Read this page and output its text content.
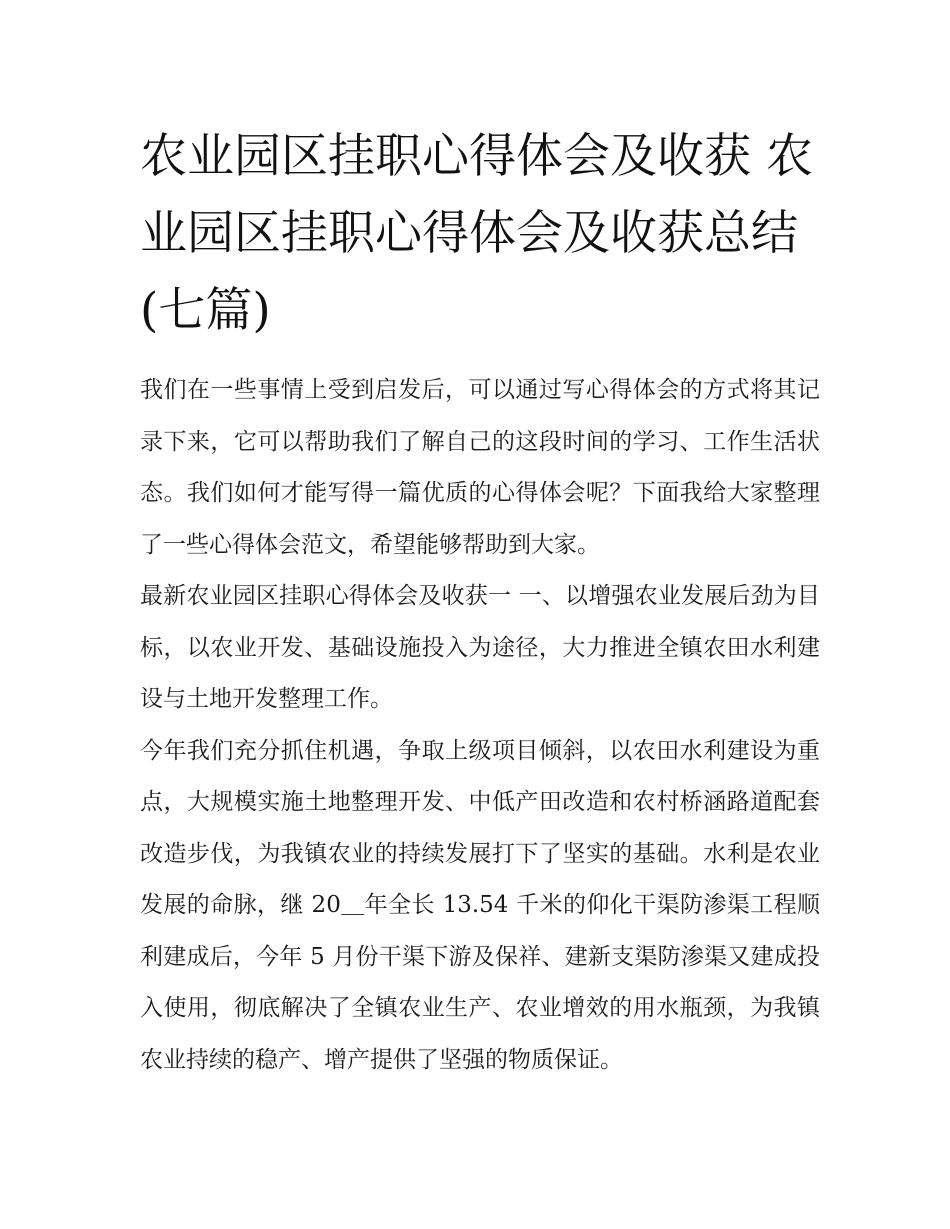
农业园区挂职心得体会及收获 农业园区挂职心得体会及收获总结(七篇)

我们在一些事情上受到启发后，可以通过写心得体会的方式将其记录下来，它可以帮助我们了解自己的这段时间的学习、工作生活状态。我们如何才能写得一篇优质的心得体会呢？下面我给大家整理了一些心得体会范文，希望能够帮助到大家。

最新农业园区挂职心得体会及收获一 一、以增强农业发展后劲为目标，以农业开发、基础设施投入为途径，大力推进全镇农田水利建设与土地开发整理工作。

今年我们充分抓住机遇，争取上级项目倾斜，以农田水利建设为重点，大规模实施土地整理开发、中低产田改造和农村桥涵路道配套改造步伐，为我镇农业的持续发展打下了坚实的基础。水利是农业发展的命脉，继 20＿年全长 13.54 千米的仰化干渠防渗渠工程顺利建成后，今年 5 月份干渠下游及保祥、建新支渠防渗渠又建成投入使用，彻底解决了全镇农业生产、农业增效的用水瓶颈，为我镇农业持续的稳产、增产提供了坚强的物质保证。
